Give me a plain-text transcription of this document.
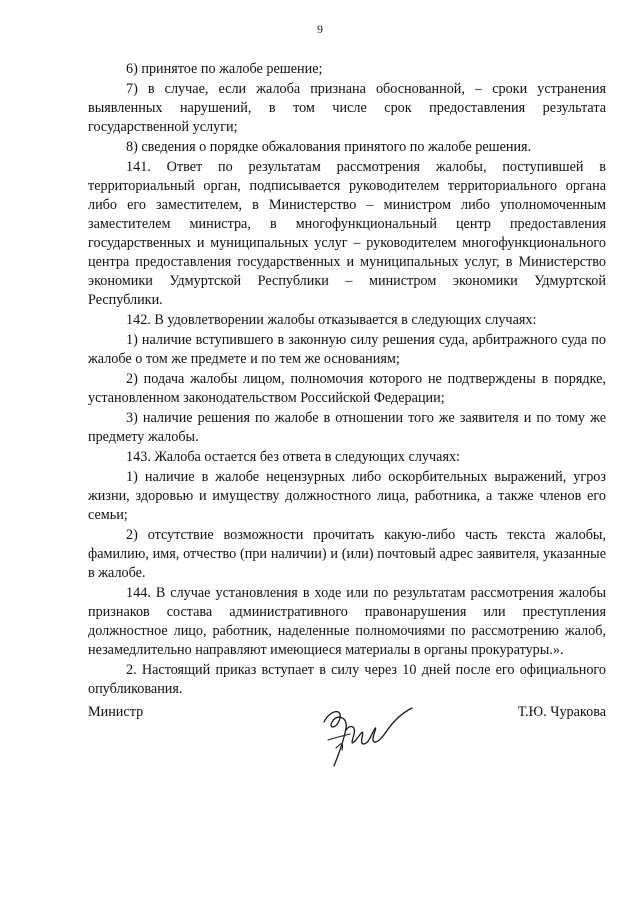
9

6) принятое по жалобе решение;

7) в случае, если жалоба признана обоснованной, – сроки устранения выявленных нарушений, в том числе срок предоставления результата государственной услуги;

8) сведения о порядке обжалования принятого по жалобе решения.

141. Ответ по результатам рассмотрения жалобы, поступившей в территориальный орган, подписывается руководителем территориального органа либо его заместителем, в Министерство – министром либо уполномоченным заместителем министра, в многофункциональный центр предоставления государственных и муниципальных услуг – руководителем многофункционального центра предоставления государственных и муниципальных услуг, в Министерство экономики Удмуртской Республики – министром экономики Удмуртской Республики.

142. В удовлетворении жалобы отказывается в следующих случаях:

1) наличие вступившего в законную силу решения суда, арбитражного суда по жалобе о том же предмете и по тем же основаниям;

2) подача жалобы лицом, полномочия которого не подтверждены в порядке, установленном законодательством Российской Федерации;

3) наличие решения по жалобе в отношении того же заявителя и по тому же предмету жалобы.

143. Жалоба остается без ответа в следующих случаях:

1) наличие в жалобе нецензурных либо оскорбительных выражений, угроз жизни, здоровью и имуществу должностного лица, работника, а также членов его семьи;

2) отсутствие возможности прочитать какую-либо часть текста жалобы, фамилию, имя, отчество (при наличии) и (или) почтовый адрес заявителя, указанные в жалобе.

144. В случае установления в ходе или по результатам рассмотрения жалобы признаков состава административного правонарушения или преступления должностное лицо, работник, наделенные полномочиями по рассмотрению жалоб, незамедлительно направляют имеющиеся материалы в органы прокуратуры.».

2. Настоящий приказ вступает в силу через 10 дней после его официального опубликования.

Министр	Т.Ю. Чуракова
